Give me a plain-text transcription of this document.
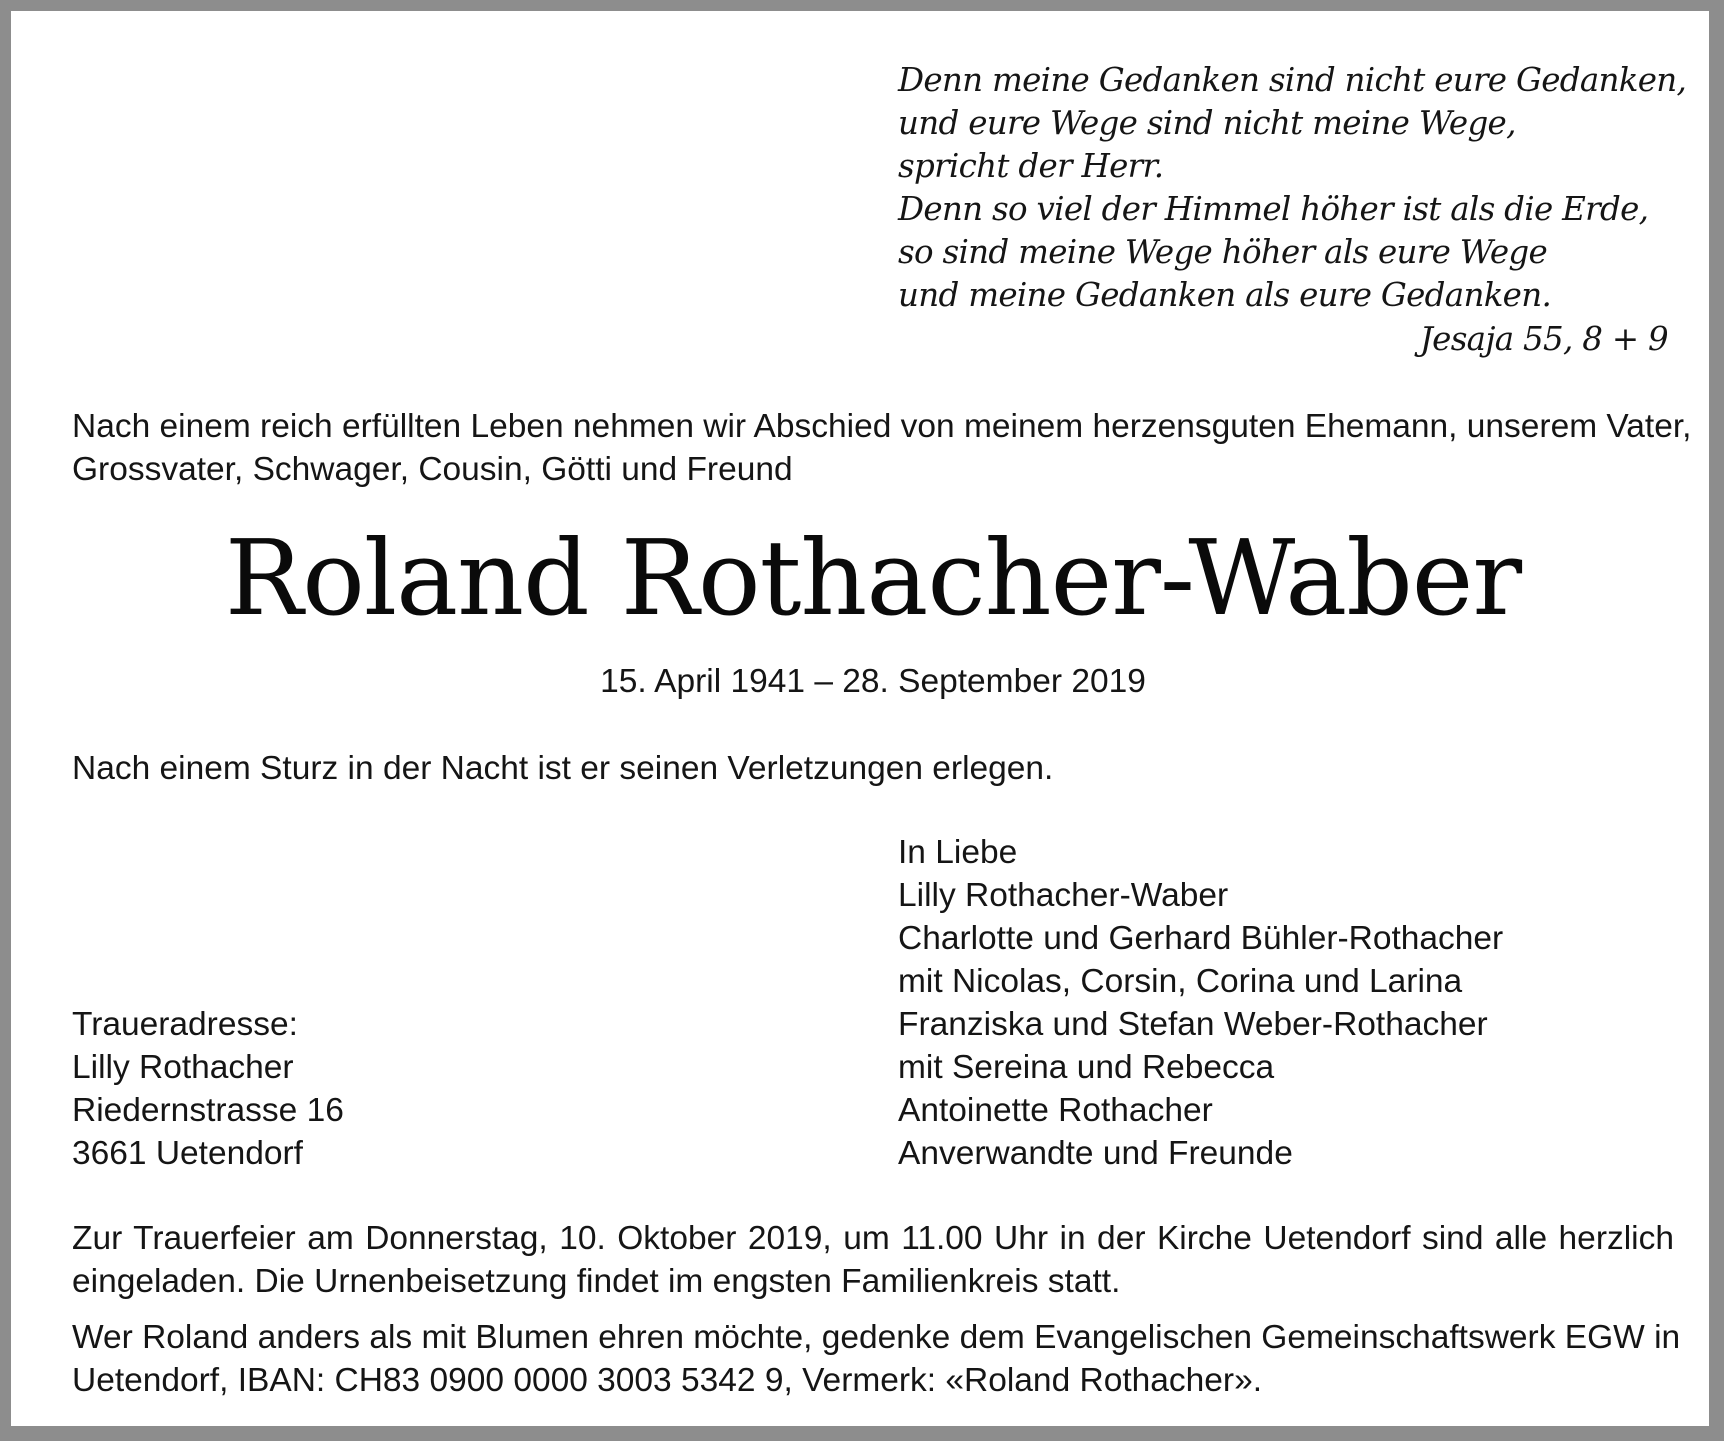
Denn meine Gedanken sind nicht eure Gedanken,
und eure Wege sind nicht meine Wege,
spricht der Herr.
Denn so viel der Himmel höher ist als die Erde,
so sind meine Wege höher als eure Wege
und meine Gedanken als eure Gedanken.
Jesaja 55, 8 + 9
Nach einem reich erfüllten Leben nehmen wir Abschied von meinem herzensguten Ehemann, unserem Vater,
Grossvater, Schwager, Cousin, Götti und Freund
Roland Rothacher-Waber
15. April 1941 – 28. September 2019
Nach einem Sturz in der Nacht ist er seinen Verletzungen erlegen.
In Liebe
Lilly Rothacher-Waber
Charlotte und Gerhard Bühler-Rothacher
mit Nicolas, Corsin, Corina und Larina
Franziska und Stefan Weber-Rothacher
mit Sereina und Rebecca
Antoinette Rothacher
Anverwandte und Freunde
Traueradresse:
Lilly Rothacher
Riedernstrasse 16
3661 Uetendorf
Zur Trauerfeier am Donnerstag, 10. Oktober 2019, um 11.00 Uhr in der Kirche Uetendorf sind alle herzlich
eingeladen. Die Urnenbeisetzung findet im engsten Familienkreis statt.
Wer Roland anders als mit Blumen ehren möchte, gedenke dem Evangelischen Gemeinschaftswerk EGW in
Uetendorf, IBAN: CH83 0900 0000 3003 5342 9, Vermerk: «Roland Rothacher».
